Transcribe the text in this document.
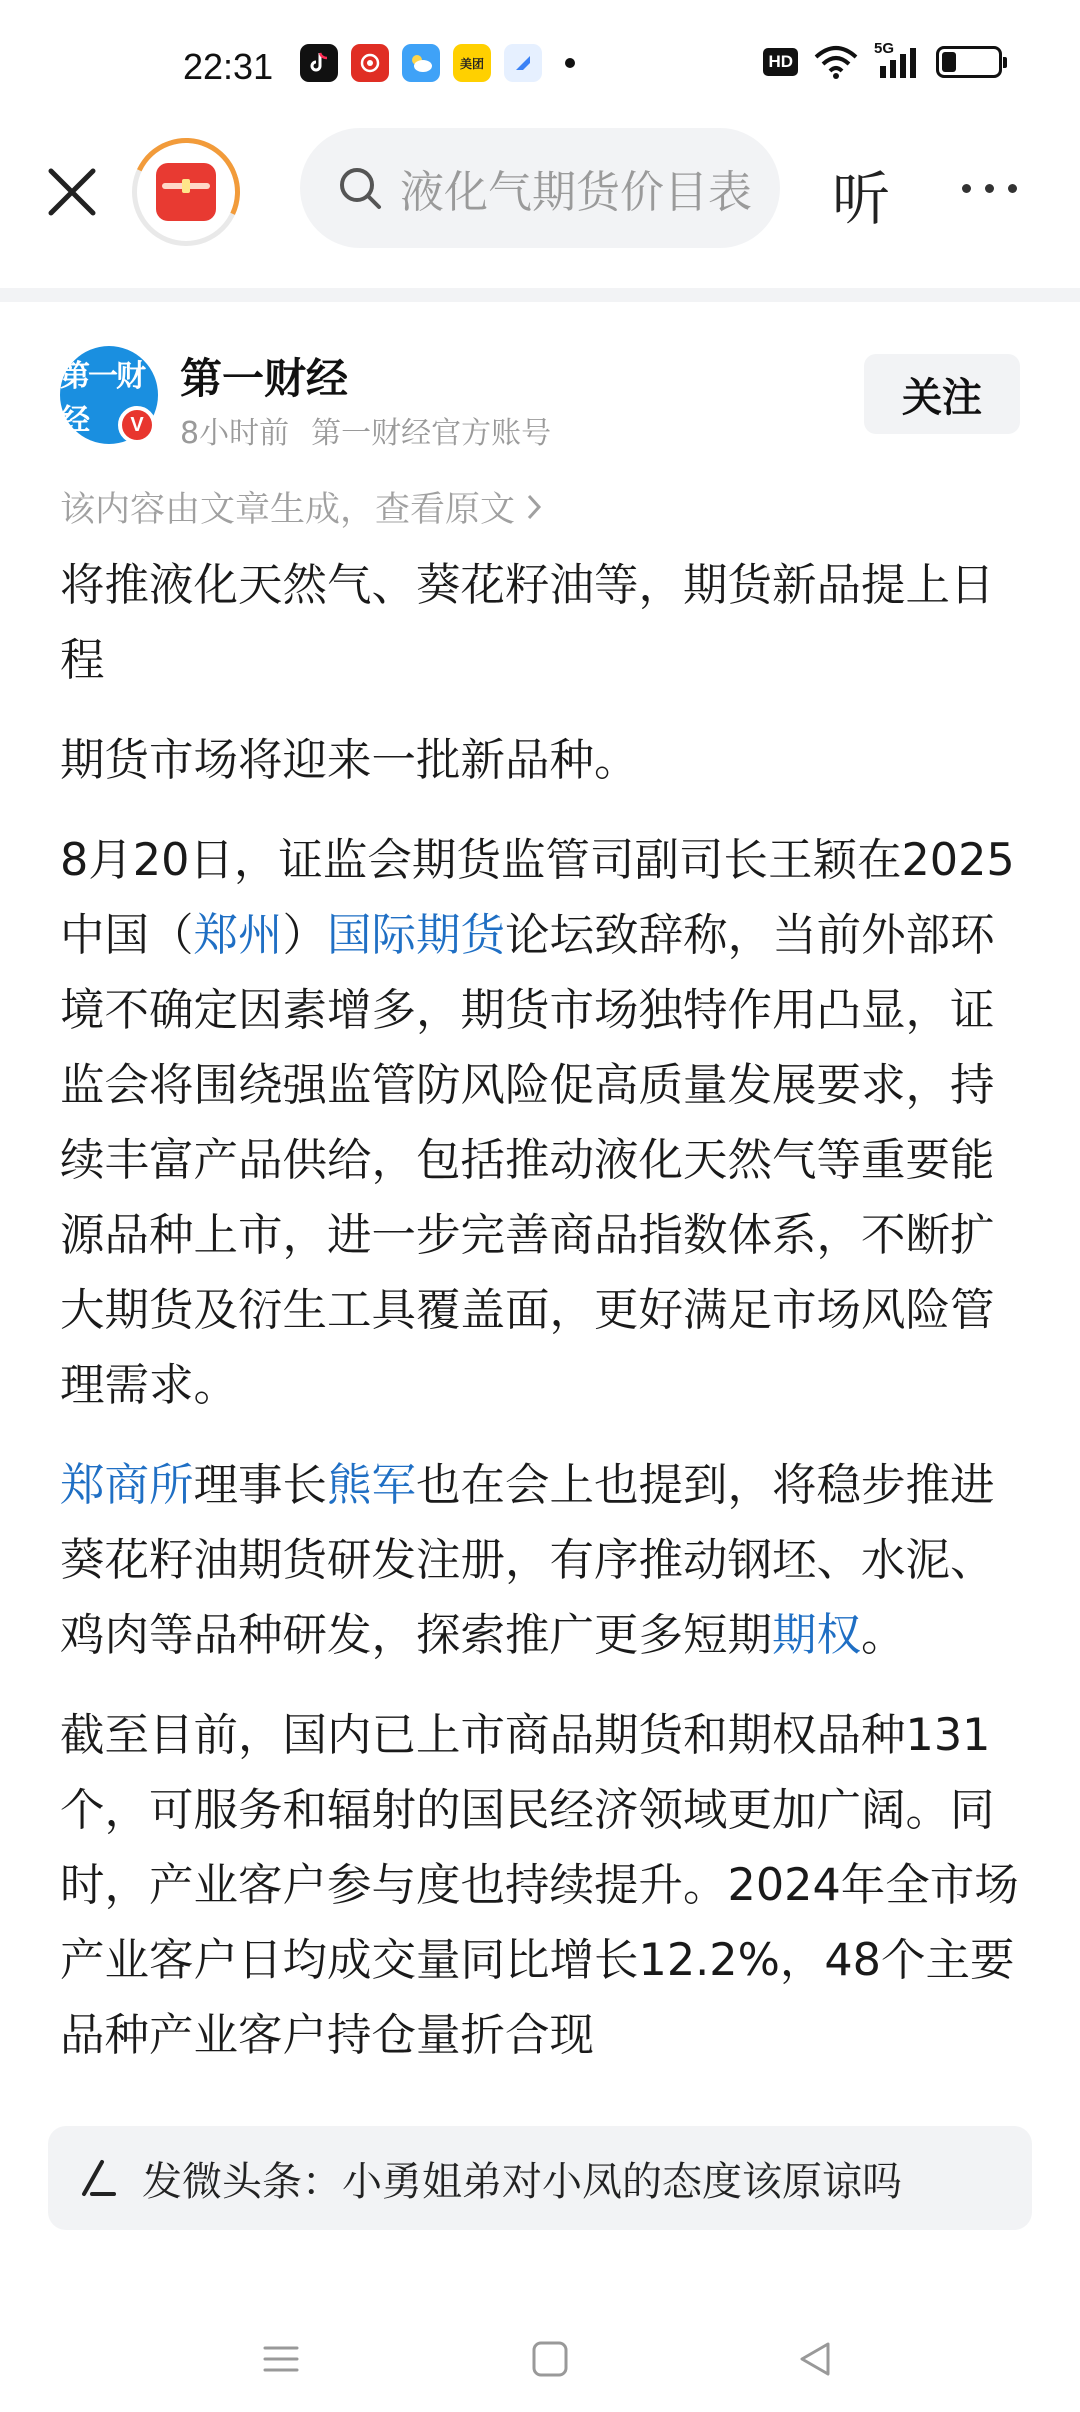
22:31	美团	HD
5G
液化气期货价目表 听
第一财经	V
第一财经
8小时前 第一财经官方账号
关注
该内容由文章生成，查看原文

将推液化天然气、葵花籽油等，期货新品提上日程

期货市场将迎来一批新品种。

8月20日，证监会期货监管司副司长王颖在2025中国（郑州）国际期货论坛致辞称，当前外部环境不确定因素增多，期货市场独特作用凸显，证监会将围绕强监管防风险促高质量发展要求，持续丰富产品供给，包括推动液化天然气等重要能源品种上市，进一步完善商品指数体系，不断扩大期货及衍生工具覆盖面，更好满足市场风险管理需求。

郑商所理事长熊军也在会上也提到，将稳步推进葵花籽油期货研发注册，有序推动钢坯、水泥、鸡肉等品种研发，探索推广更多短期期权。

截至目前，国内已上市商品期货和期权品种131个，可服务和辐射的国民经济领域更加广阔。同时，产业客户参与度也持续提升。2024年全市场产业客户日均成交量同比增长12.2%，48个主要品种产业客户持仓量折合现

发微头条：小勇姐弟对小凤的态度该原谅吗
